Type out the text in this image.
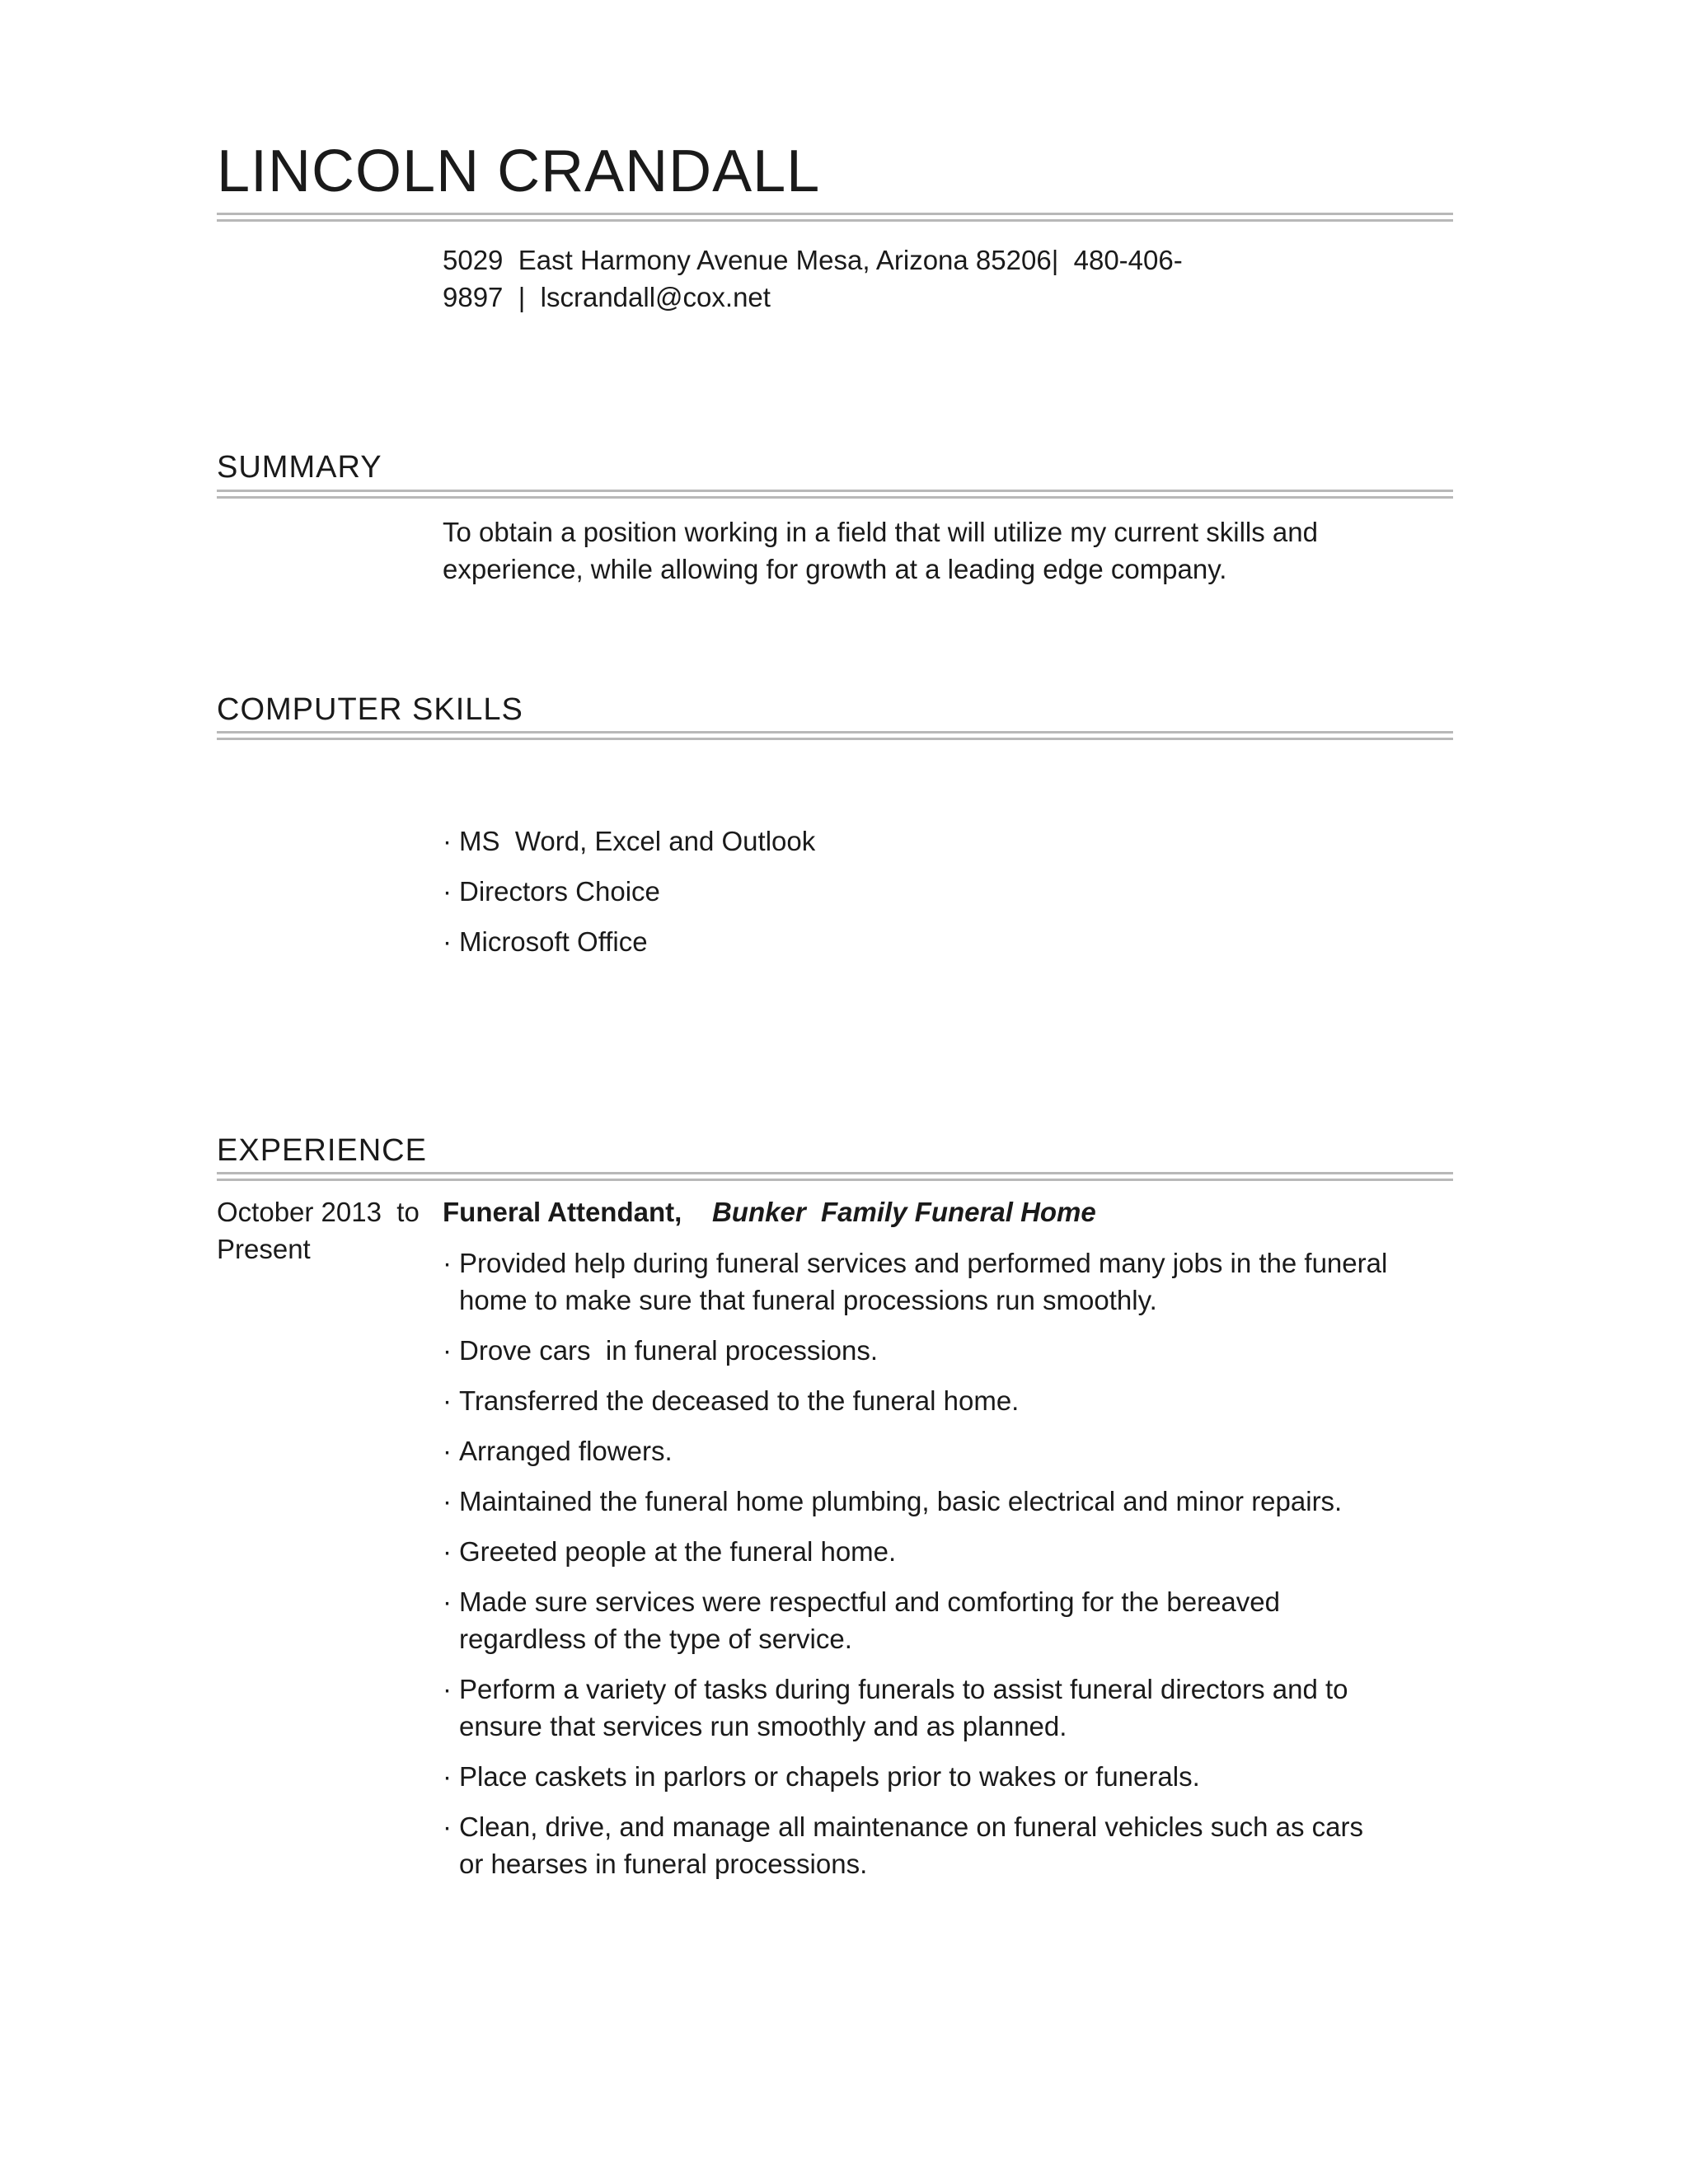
LINCOLN CRANDALL
5029  East Harmony Avenue Mesa, Arizona 85206|  480-406-
9897  |  lscrandall@cox.net
SUMMARY
To obtain a position working in a field that will utilize my current skills and
experience, while allowing for growth at a leading edge company.
COMPUTER SKILLS
· MS  Word, Excel and Outlook
· Directors Choice
· Microsoft Office
EXPERIENCE
October 2013  to
Present
Funeral Attendant, Bunker  Family Funeral Home
· Provided help during funeral services and performed many jobs in the funeral home to make sure that funeral processions run smoothly.
· Drove cars  in funeral processions.
· Transferred the deceased to the funeral home.
· Arranged flowers.
· Maintained the funeral home plumbing, basic electrical and minor repairs.
· Greeted people at the funeral home.
· Made sure services were respectful and comforting for the bereaved regardless of the type of service.
· Perform a variety of tasks during funerals to assist funeral directors and to ensure that services run smoothly and as planned.
· Place caskets in parlors or chapels prior to wakes or funerals.
· Clean, drive, and manage all maintenance on funeral vehicles such as cars or hearses in funeral processions.
